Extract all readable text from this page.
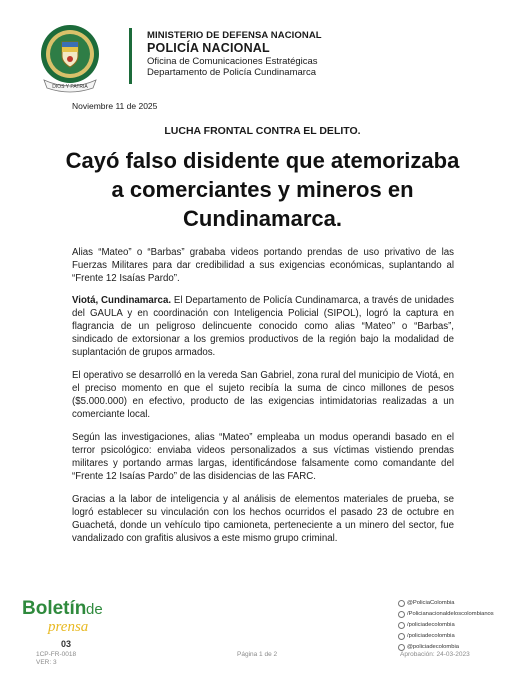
DIOS Y PATRIA
MINISTERIO DE DEFENSA NACIONAL
POLICÍA NACIONAL
Oficina de Comunicaciones Estratégicas
Departamento de Policía Cundinamarca
Noviembre 11 de 2025
LUCHA FRONTAL CONTRA EL DELITO.
Cayó falso disidente que atemorizaba a comerciantes y mineros en Cundinamarca.

Alias “Mateo” o “Barbas” grababa videos portando prendas de uso privativo de las Fuerzas Militares para dar credibilidad a sus exigencias económicas, suplantando al “Frente 12 Isaías Pardo”.

Viotá, Cundinamarca. El Departamento de Policía Cundinamarca, a través de unidades del GAULA y en coordinación con Inteligencia Policial (SIPOL), logró la captura en flagrancia de un peligroso delincuente conocido como alias “Mateo” o “Barbas”, sindicado de extorsionar a los gremios productivos de la región bajo la modalidad de suplantación de grupos armados.

El operativo se desarrolló en la vereda San Gabriel, zona rural del municipio de Viotá, en el preciso momento en que el sujeto recibía la suma de cinco millones de pesos ($5.000.000) en efectivo, producto de las exigencias intimidatorias realizadas a un comerciante local.

Según las investigaciones, alias “Mateo” empleaba un modus operandi basado en el terror psicológico: enviaba videos personalizados a sus víctimas vistiendo prendas militares y portando armas largas, identificándose falsamente como comandante del “Frente 12 Isaías Pardo” de las disidencias de las FARC.

Gracias a la labor de inteligencia y al análisis de elementos materiales de prueba, se logró establecer su vinculación con los hechos ocurridos el pasado 23 de octubre en Guachetá, donde un vehículo tipo camioneta, perteneciente a un minero del sector, fue vandalizado con grafitis alusivos a este mismo grupo criminal.

Boletín de
prensa
03
@PoliciaColombia
/Policianacionaldeloscolombianos
/policiadecolombia
/policiadecolombia
@policiadecolombia
1CP-FR-0018
VER: 3
Página 1 de 2	Aprobación: 24-03-2023
